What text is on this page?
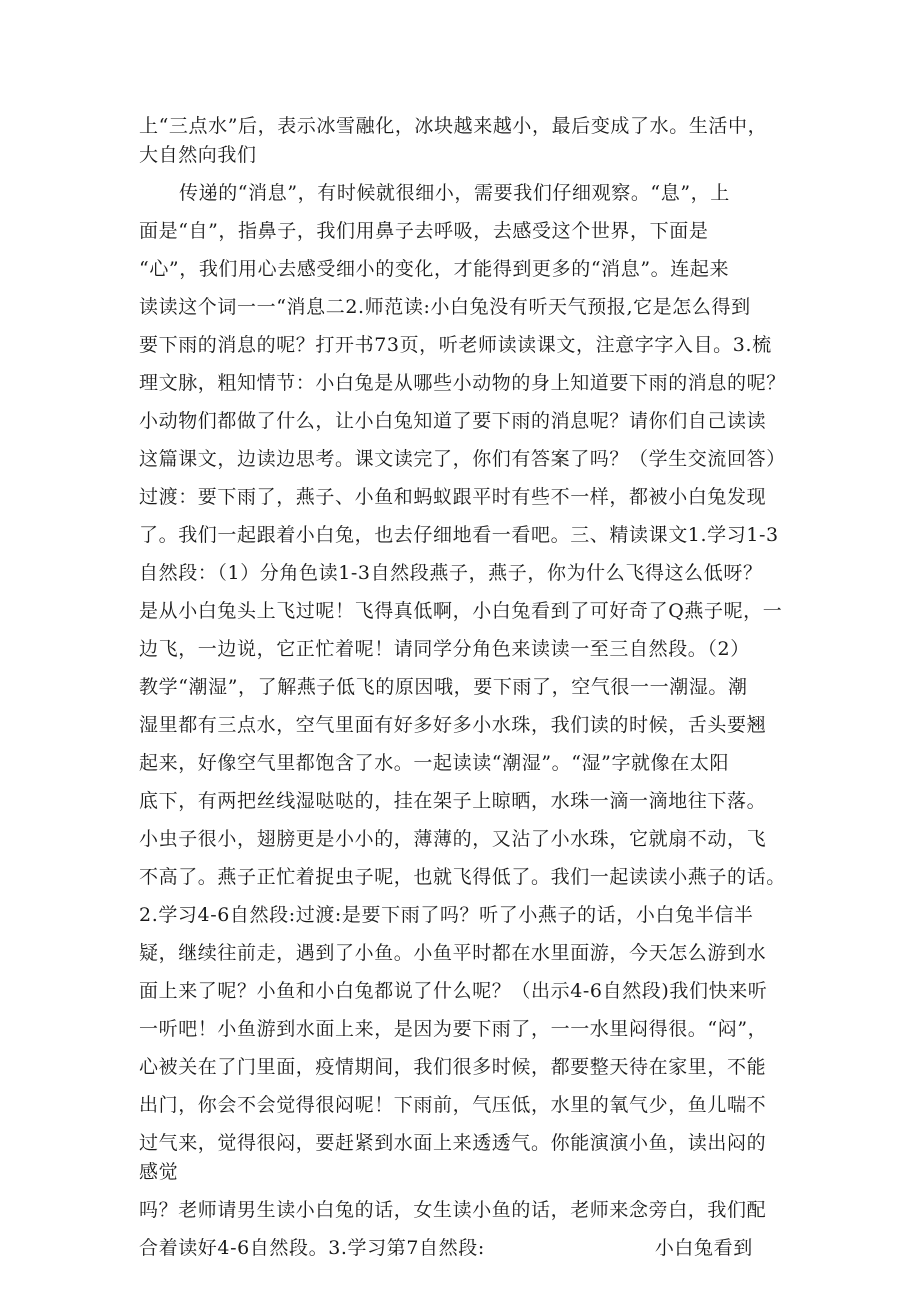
上“三点水”后，表示冰雪融化，冰块越来越小，最后变成了水。生活中，
大自然向我们
传递的“消息”，有时候就很细小，需要我们仔细观察。“息”，上
面是“自”，指鼻子，我们用鼻子去呼吸，去感受这个世界，下面是
“心”，我们用心去感受细小的变化，才能得到更多的“消息”。连起来
读读这个词一一“消息二2.师范读:小白兔没有听天气预报,它是怎么得到
要下雨的消息的呢？打开书73页，听老师读读课文，注意字字入目。3.梳
理文脉，粗知情节：小白兔是从哪些小动物的身上知道要下雨的消息的呢？
小动物们都做了什么，让小白兔知道了要下雨的消息呢？请你们自己读读
这篇课文，边读边思考。课文读完了，你们有答案了吗？（学生交流回答）
过渡：要下雨了，燕子、小鱼和蚂蚁跟平时有些不一样，都被小白兔发现
了。我们一起跟着小白兔，也去仔细地看一看吧。三、精读课文1.学习1-3
自然段：（1）分角色读1-3自然段燕子，燕子，你为什么飞得这么低呀？
是从小白兔头上飞过呢！飞得真低啊，小白兔看到了可好奇了Q燕子呢，一
边飞，一边说，它正忙着呢！请同学分角色来读读一至三自然段。（2）
教学“潮湿”，了解燕子低飞的原因哦，要下雨了，空气很一一潮湿。潮
湿里都有三点水，空气里面有好多好多小水珠，我们读的时候，舌头要翘
起来，好像空气里都饱含了水。一起读读“潮湿”。“湿”字就像在太阳
底下，有两把丝线湿哒哒的，挂在架子上晾晒，水珠一滴一滴地往下落。
小虫子很小，翅膀更是小小的，薄薄的，又沾了小水珠，它就扇不动，飞
不高了。燕子正忙着捉虫子呢，也就飞得低了。我们一起读读小燕子的话。
2.学习4-6自然段:过渡:是要下雨了吗？听了小燕子的话，小白兔半信半
疑，继续往前走，遇到了小鱼。小鱼平时都在水里面游，今天怎么游到水
面上来了呢？小鱼和小白兔都说了什么呢？（出示4-6自然段)我们快来听
一听吧！小鱼游到水面上来，是因为要下雨了，一一水里闷得很。“闷”，
心被关在了门里面，疫情期间，我们很多时候，都要整天待在家里，不能
出门，你会不会觉得很闷呢！下雨前，气压低，水里的氧气少，鱼儿喘不
过气来，觉得很闷，要赶紧到水面上来透透气。你能演演小鱼，读出闷的
感觉
吗？老师请男生读小白兔的话，女生读小鱼的话，老师来念旁白，我们配
合着读好4-6自然段。3.学习第7自然段:	小白兔看到
